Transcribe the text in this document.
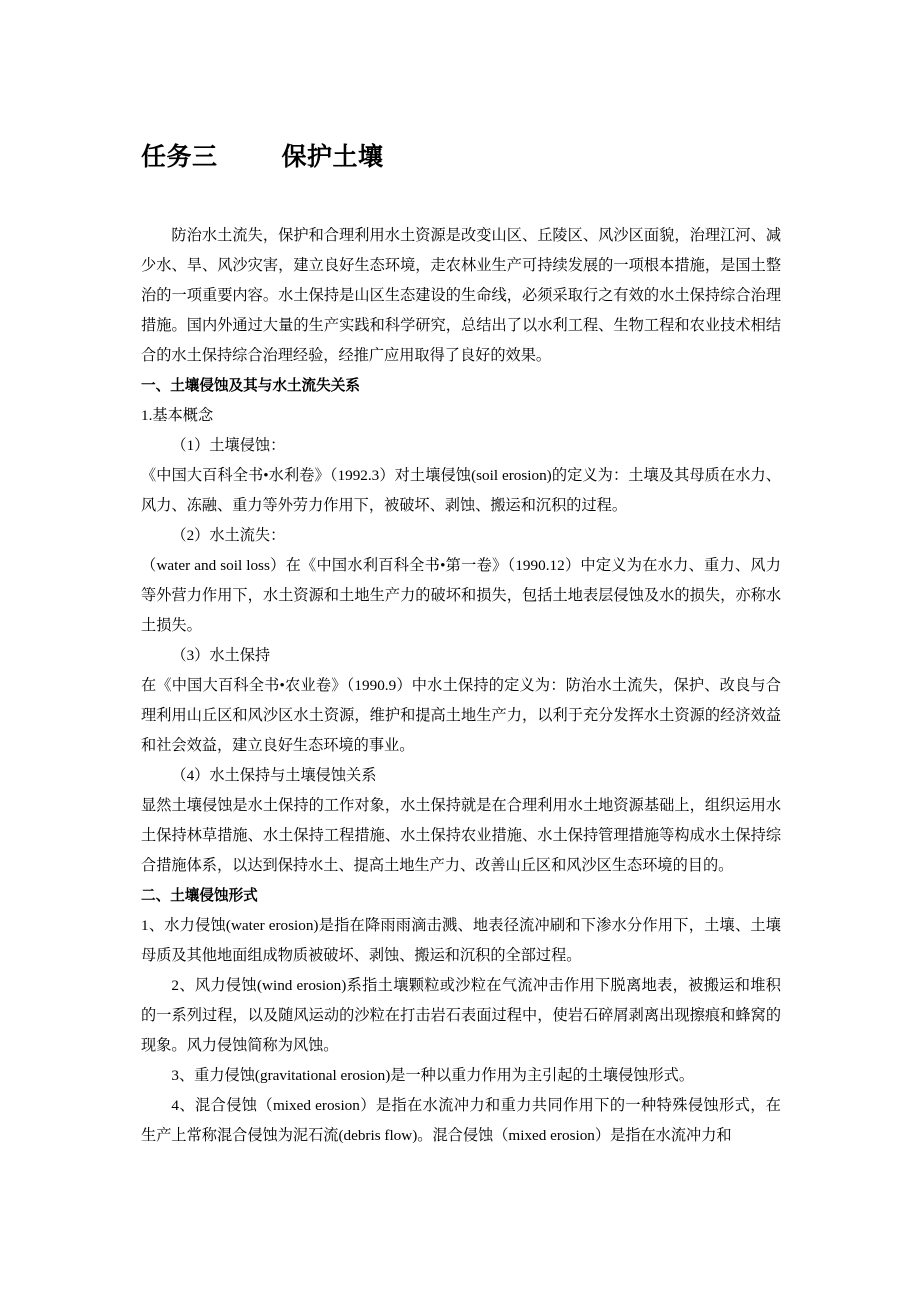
任务三	保护土壤

防治水土流失，保护和合理利用水土资源是改变山区、丘陵区、风沙区面貌，治理江河、减少水、旱、风沙灾害，建立良好生态环境，走农林业生产可持续发展的一项根本措施，是国土整治的一项重要内容。水土保持是山区生态建设的生命线，必须采取行之有效的水土保持综合治理措施。国内外通过大量的生产实践和科学研究，总结出了以水利工程、生物工程和农业技术相结合的水土保持综合治理经验，经推广应用取得了良好的效果。

一、土壤侵蚀及其与水土流失关系

1.基本概念

（1）土壤侵蚀：

《中国大百科全书•水利卷》（1992.3）对土壤侵蚀(soil erosion)的定义为：土壤及其母质在水力、风力、冻融、重力等外劳力作用下，被破坏、剥蚀、搬运和沉积的过程。

（2）水土流失：

（water and soil loss）在《中国水利百科全书•第一卷》（1990.12）中定义为在水力、重力、风力等外营力作用下，水土资源和土地生产力的破坏和损失，包括土地表层侵蚀及水的损失，亦称水土损失。

（3）水土保持

在《中国大百科全书•农业卷》（1990.9）中水土保持的定义为：防治水土流失，保护、改良与合理利用山丘区和风沙区水土资源，维护和提高土地生产力，以利于充分发挥水土资源的经济效益和社会效益，建立良好生态环境的事业。

（4）水土保持与土壤侵蚀关系

显然土壤侵蚀是水土保持的工作对象，水土保持就是在合理利用水土地资源基础上，组织运用水土保持林草措施、水土保持工程措施、水土保持农业措施、水土保持管理措施等构成水土保持综合措施体系，以达到保持水土、提高土地生产力、改善山丘区和风沙区生态环境的目的。

二、土壤侵蚀形式

1、水力侵蚀(water erosion)是指在降雨雨滴击溅、地表径流冲刷和下渗水分作用下，土壤、土壤母质及其他地面组成物质被破坏、剥蚀、搬运和沉积的全部过程。

2、风力侵蚀(wind erosion)系指土壤颗粒或沙粒在气流冲击作用下脱离地表，被搬运和堆积的一系列过程，以及随风运动的沙粒在打击岩石表面过程中，使岩石碎屑剥离出现擦痕和蜂窝的现象。风力侵蚀简称为风蚀。

3、重力侵蚀(gravitational erosion)是一种以重力作用为主引起的土壤侵蚀形式。

4、混合侵蚀（mixed erosion）是指在水流冲力和重力共同作用下的一种特殊侵蚀形式，在生产上常称混合侵蚀为泥石流(debris flow)。混合侵蚀（mixed erosion）是指在水流冲力和
